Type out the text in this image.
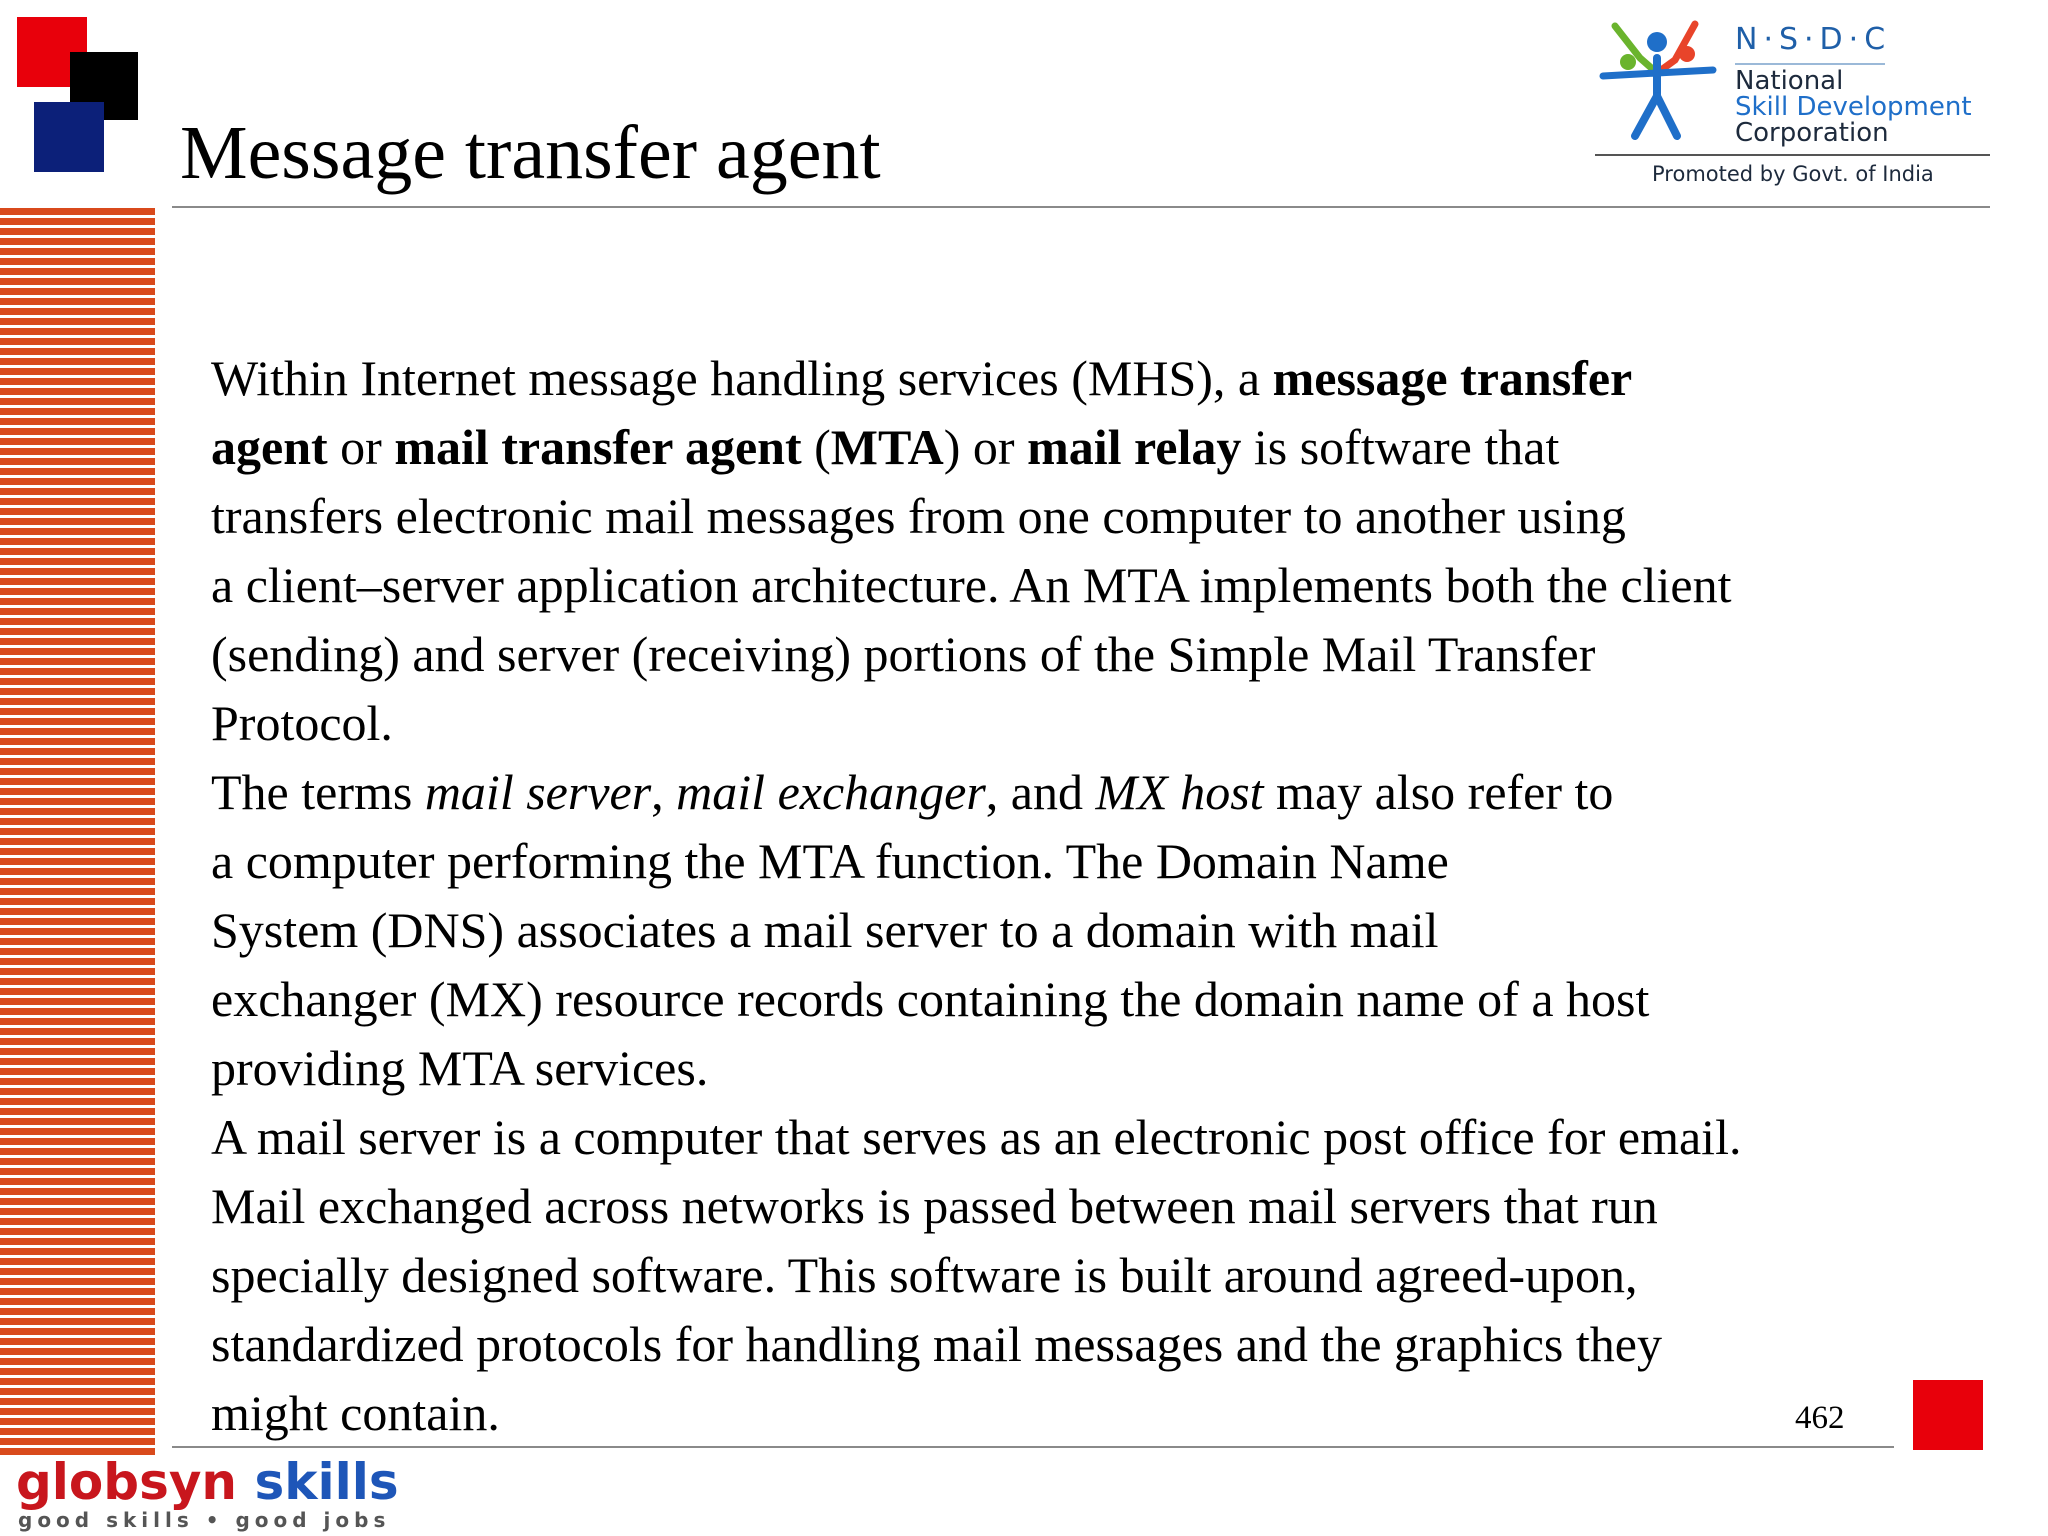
Message transfer agent
N·S·D·C
National
Skill Development
Corporation
Promoted by Govt. of India

Within Internet message handling services (MHS), a message transfer
agent or mail transfer agent (MTA) or mail relay is software that
transfers electronic mail messages from one computer to another using
a client–server application architecture. An MTA implements both the client
(sending) and server (receiving) portions of the Simple Mail Transfer
Protocol.

The terms mail server, mail exchanger, and MX host may also refer to
a computer performing the MTA function. The Domain Name
System (DNS) associates a mail server to a domain with mail
exchanger (MX) resource records containing the domain name of a host
providing MTA services.

A mail server is a computer that serves as an electronic post office for email.
Mail exchanged across networks is passed between mail servers that run
specially designed software. This software is built around agreed-upon,
standardized protocols for handling mail messages and the graphics they
might contain.	462
globsyn skills
good skills • good jobs
